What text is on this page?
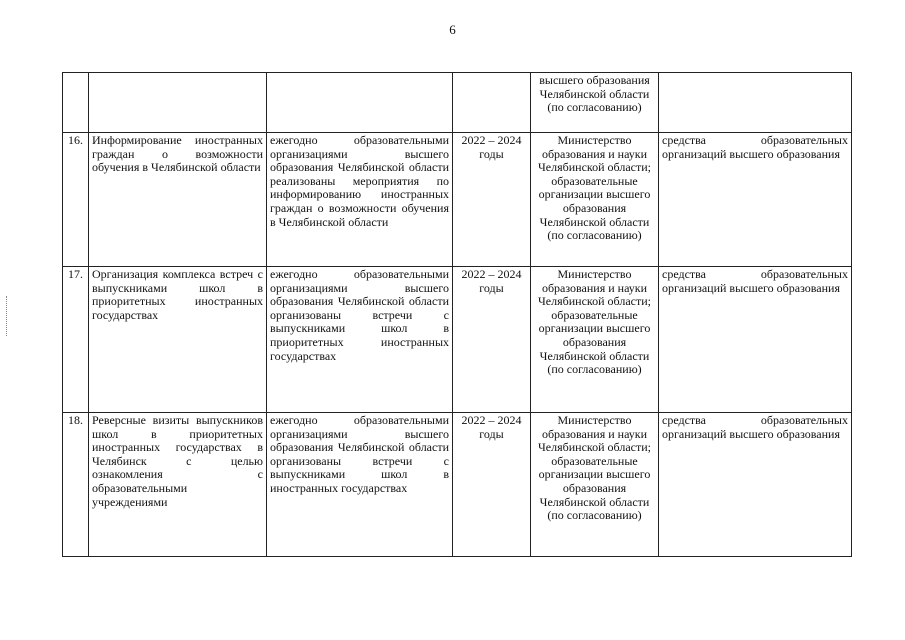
6
				высшего образования Челябинской области (по согласованию)	
16.	Информирование иностранных граждан о возможности обучения в Челябинской области	ежегодно образовательными организациями высшего образования Челябинской области реализованы мероприятия по информированию иностранных граждан о возможности обучения в Челябинской области	2022 – 2024 годы	Министерство образования и науки Челябинской области; образовательные организации высшего образования Челябинской области (по согласованию)	средства образовательных организаций высшего образования
17.	Организация комплекса встреч с выпускниками школ в приоритетных иностранных государствах	ежегодно образовательными организациями высшего образования Челябинской области организованы встречи с выпускниками школ в приоритетных иностранных государствах	2022 – 2024 годы	Министерство образования и науки Челябинской области; образовательные организации высшего образования Челябинской области (по согласованию)	средства образовательных организаций высшего образования
18.	Реверсные визиты выпускников школ в приоритетных иностранных государствах в Челябинск с целью ознакомления с образовательными учреждениями	ежегодно образовательными организациями высшего образования Челябинской области организованы встречи с выпускниками школ в иностранных государствах	2022 – 2024 годы	Министерство образования и науки Челябинской области; образовательные организации высшего образования Челябинской области (по согласованию)	средства образовательных организаций высшего образования
